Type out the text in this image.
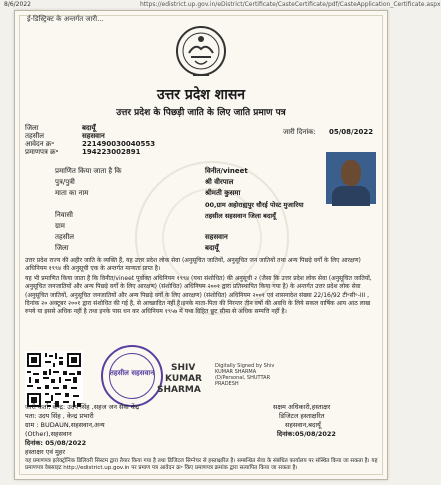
8/6/2022	https://edistrict.up.gov.in/eDistrict/Certificate/CasteCertificate/pdf/CasteApplication_Certificate.aspx
ई-डिस्ट्रिक्ट के अन्तर्गत जारी...
उत्तर प्रदेश शासन
उत्तर प्रदेश के पिछड़ी जाति के लिए जाति प्रमाण पत्र
जिला	बदायूँ
तहसील	सहसवान
आवेदन क्र॰	221490030040553
प्रमाणपत्र क्र॰	194223002891
जारी दिनांक: 05/08/2022
प्रमाणित किया जाता है कि	विनीत/vineet
पुत्र/पुत्री	श्री वीरपाल
माता का नाम	श्रीमती कुसमा
00,ग्राम अहोराह्यपुर धौरई पोस्ट मुजारिया
निवासी	तहसील सहसवान जिला बदायूँ
ग्राम
तहसील	सहसवान
जिला	बदायूँ
उत्तर प्रदेश राज्य की अहीर जाति के व्यक्ति हैं, यह उत्तर प्रदेश लोक सेवा (अनुसूचित जातियों, अनुसूचित जन जातियों तथा अन्य पिछड़े वर्गों के लिए आरक्षण) अधिनियम १९९४ की अनुसूची एक के अन्तर्गत मान्यता प्राप्त है।
यह भी प्रमाणित किया जाता है कि विनीत/vineet पूर्वोक्त अधिनियम १९९४ (यथा संशोधित) की अनुसूची २ (जैसा कि उत्तर प्रदेश लोक सेवा (अनुसूचित जातियों, अनुसूचित जनजातियों और अन्य पिछड़े वर्गों के लिए आरक्षण) (संशोधित) अधिनियम २००१ द्वारा प्रतिस्थापित किया गया है) के अन्तर्गत उत्तर प्रदेश लोक सेवा (अनुसूचित जातियों, अनुसूचित जनजातियों और अन्य पिछड़े वर्गों के लिए आरक्षण) (संशोधित) अधिनियम २००१ एवं शासनादेश संख्या 22/16/92 टी॰सी॰-III , दिनांक २० अक्टूबर २००१ द्वारा संशोधित की गई है, से आच्छादित नहीं है।इनके माता-पिता की निरन्तर तीन वर्षो की अवधि के लिये सकल वार्षिक आय आठ लाख रुपये या इससे अधिक नहीं है तथा इनके पास धन कर अधिनियम १९५७ में यथा विहित छूट सीमा से अधिक सम्पत्ति नहीं है।
तहसील सहसवान	SHIV
KUMAR
SHARMA
Digitally Signed by Shiv
KUMAR SHARMA
(D/Personal, SHUTTAR
PRADESH
जारी कर्ता: केन्द्र: उदय सिंह ,सहज जन सेवा केंद्र
पता: उदय सिंह , केन्द्र प्रभारी
ग्राम : BUDAUN,सहसवान,अन्य
(Other),सहसवान
दिनांक: 05/08/2022
हस्ताक्षर एवं मुहर
सक्षम अधिकारी,हस्ताक्षर
डिजिटल हस्ताक्षरित
सहसवान,बदायूँ
दिनांक:05/08/2022
यह प्रमाणपत्र इलेक्ट्रॉनिक डिलिवरी सिस्टम द्वारा तैयार किया गया है तथा डिजिटल सिग्नेचर से हस्ताक्षरित है। सम्बन्धित सेवा के संबंधित कार्यालय पर संस्थित किया जा सकता है। यह प्रमाणपत्र वेबसाइट http://edistrict.up.gov.in पर प्रमाण पत्र आवेदन क्र॰ किए प्रमाणपत्र क्रमांक द्वारा सत्यापित किया जा सकता है।
